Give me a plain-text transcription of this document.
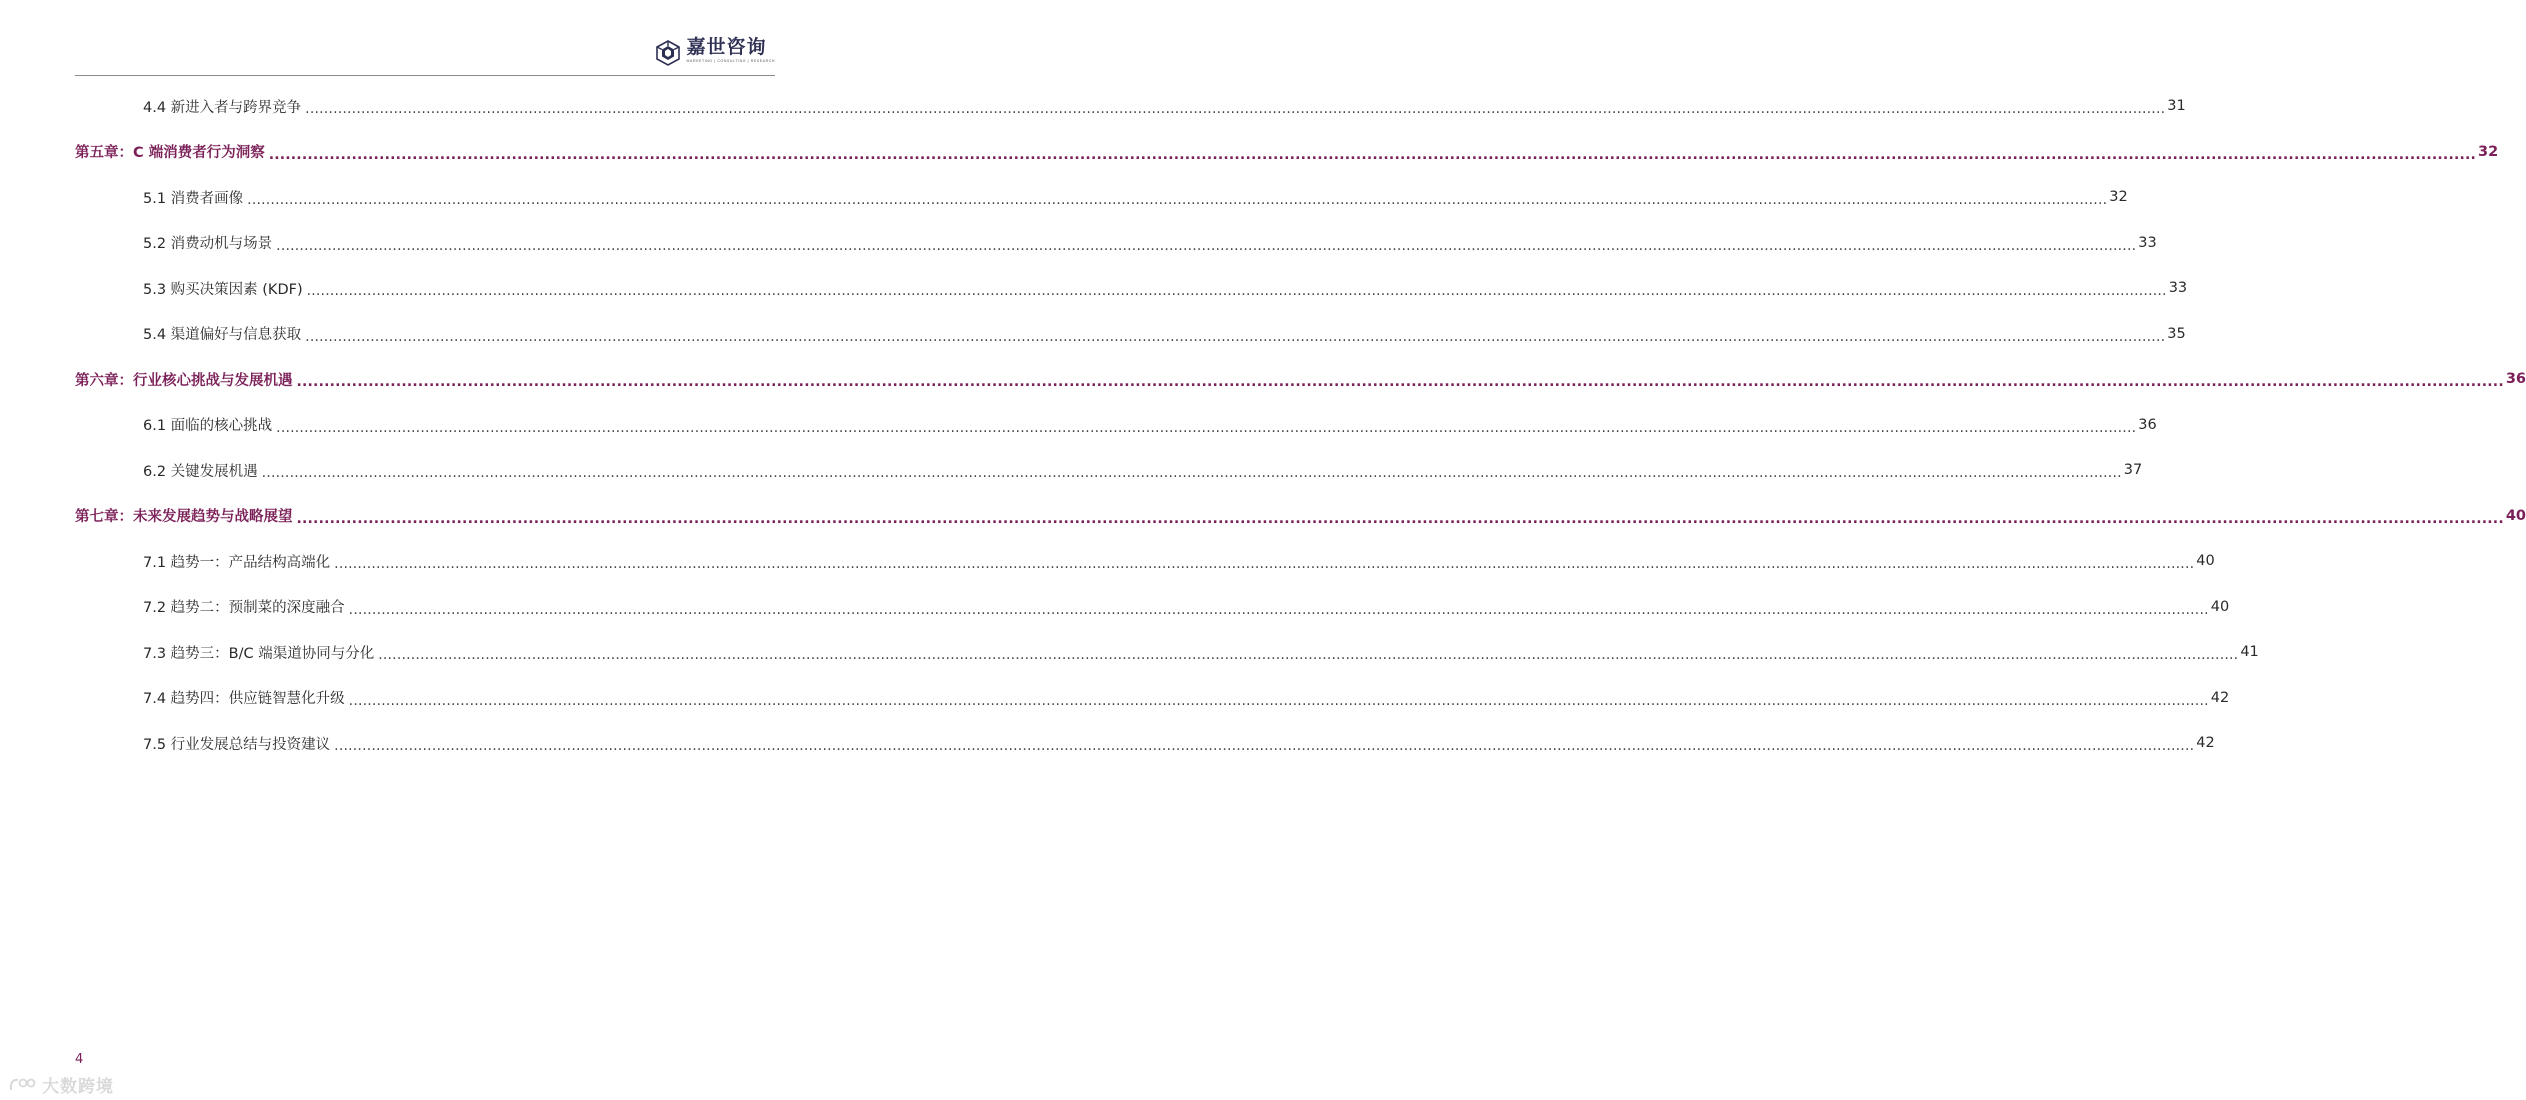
嘉世咨询
MARKETING | CONSULTING | RESEARCH
4.4 新进入者与跨界竞争 ................................................................................................................................................................................................................................................................................................................................................................................................................ 31
第五章：C 端消费者行为洞察 ................................................................................................................................................................................................................................................................................................................................................................................................................ 32
5.1 消费者画像 ................................................................................................................................................................................................................................................................................................................................................................................................................ 32
5.2 消费动机与场景 ................................................................................................................................................................................................................................................................................................................................................................................................................ 33
5.3 购买决策因素 (KDF) ................................................................................................................................................................................................................................................................................................................................................................................................................ 33
5.4 渠道偏好与信息获取 ................................................................................................................................................................................................................................................................................................................................................................................................................ 35
第六章：行业核心挑战与发展机遇 ................................................................................................................................................................................................................................................................................................................................................................................................................ 36
6.1 面临的核心挑战 ................................................................................................................................................................................................................................................................................................................................................................................................................ 36
6.2 关键发展机遇 ................................................................................................................................................................................................................................................................................................................................................................................................................ 37
第七章：未来发展趋势与战略展望 ................................................................................................................................................................................................................................................................................................................................................................................................................ 40
7.1 趋势一：产品结构高端化 ................................................................................................................................................................................................................................................................................................................................................................................................................ 40
7.2 趋势二：预制菜的深度融合 ................................................................................................................................................................................................................................................................................................................................................................................................................ 40
7.3 趋势三：B/C 端渠道协同与分化 ................................................................................................................................................................................................................................................................................................................................................................................................................ 41
7.4 趋势四：供应链智慧化升级 ................................................................................................................................................................................................................................................................................................................................................................................................................ 42
7.5 行业发展总结与投资建议 ................................................................................................................................................................................................................................................................................................................................................................................................................ 42
4
大数跨境
